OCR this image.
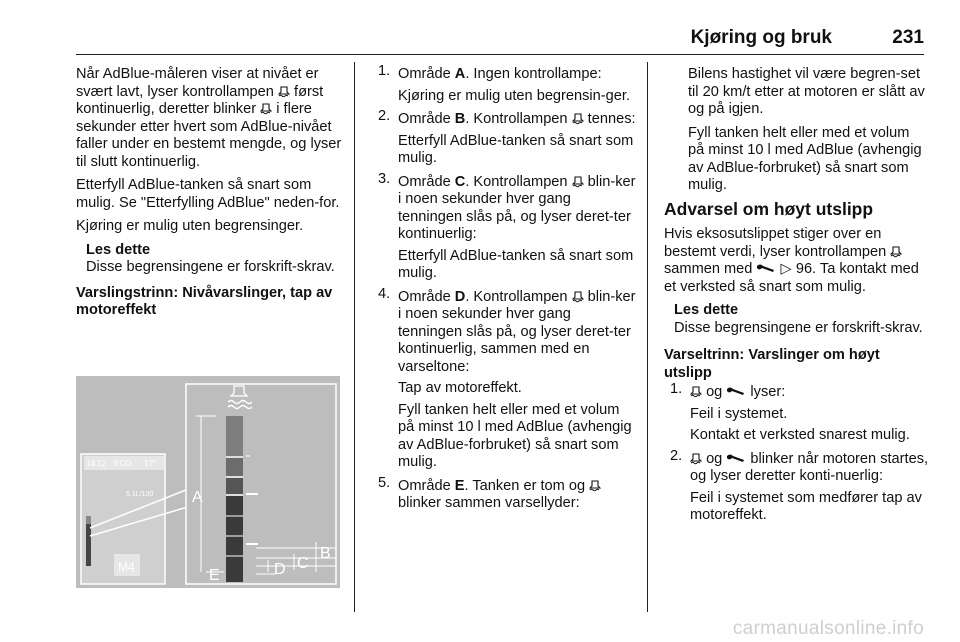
Kjøring og bruk	231

Når AdBlue-måleren viser at nivået er svært lavt, lyser kontrollampen først kontinuerlig, deretter blinker i flere sekunder etter hvert som AdBlue-nivået faller under en bestemt mengde, og lyser til slutt kontinuerlig.

Etterfyll AdBlue-tanken så snart som mulig. Se "Etterfylling AdBlue" neden-for.

Kjøring er mulig uten begrensinger.

Les dette
Disse begrensingene er forskrift-skrav.
Varslingstrinn: Nivåvarslinger, tap av motoreffekt
14:12 ECO 17°
5.1L/100
M4
A
B
C
D
E
1. Område A. Ingen kontrollampe:

Kjøring er mulig uten begrensin-ger.

2. Område B. Kontrollampen tennes:

Etterfyll AdBlue-tanken så snart som mulig.

3. Område C. Kontrollampen blin-ker i noen sekunder hver gang tenningen slås på, og lyser deret-ter kontinuerlig:

Etterfyll AdBlue-tanken så snart som mulig.

4. Område D. Kontrollampen blin-ker i noen sekunder hver gang tenningen slås på, og lyser deret-ter kontinuerlig, sammen med en varseltone:

Tap av motoreffekt.

Fyll tanken helt eller med et volum på minst 10 l med AdBlue (avhengig av AdBlue-forbruket) så snart som mulig.

5. Område E. Tanken er tom og  blinker sammen varsellyder:

Bilens hastighet vil være begren-set til 20 km/t etter at motoren er slått av og på igjen.

Fyll tanken helt eller med et volum på minst 10 l med AdBlue (avhengig av AdBlue-forbruket) så snart som mulig.

Advarsel om høyt utslipp

Hvis eksosutslippet stiger over en bestemt verdi, lyser kontrollampen  sammen med ▷ 96. Ta kontakt med et verksted så snart som mulig.

Les dette
Disse begrensingene er forskrift-skrav.
Varseltrinn: Varslinger om høyt utslipp
1.	og lyser:

Feil i systemet.

Kontakt et verksted snarest mulig.

2.	og blinker når motoren startes, og lyser deretter konti-nuerlig:

Feil i systemet som medfører tap av motoreffekt.

carmanualsonline.info
